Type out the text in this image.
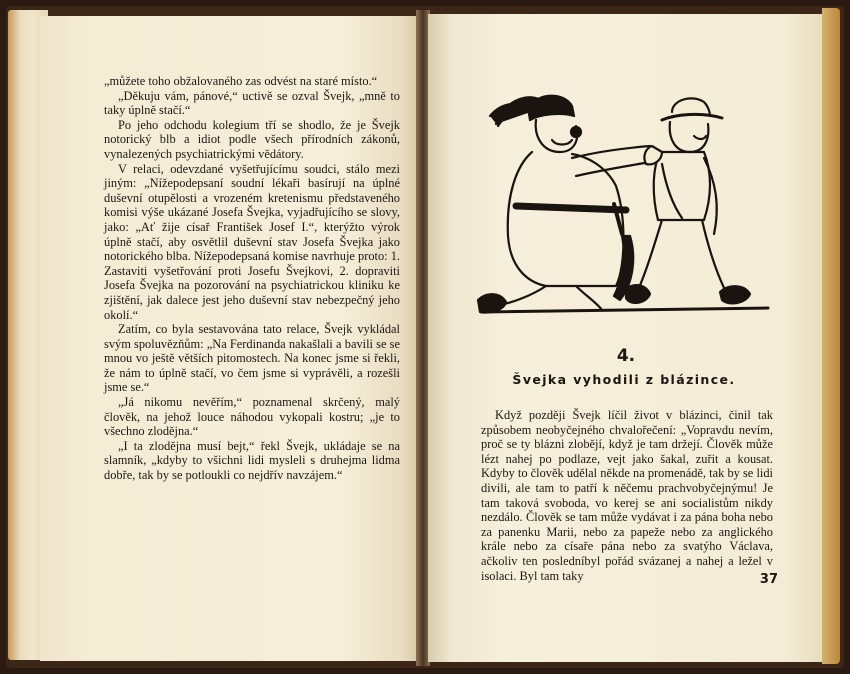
„můžete toho obžalovaného zas odvést na staré místo.“

„Děkuju vám, pánové,“ uctivě se ozval Švejk, „mně to taky úplně stačí.“

Po jeho odchodu kolegium tří se shodlo, že je Švejk notorický blb a idiot podle všech přírodních zákonů, vynalezených psychiatrickými vědátory.

V relaci, odevzdané vyšetřujícímu soudci, stálo mezi jiným: „Nížepodepsaní soudní lékaři basírují na úplné duševní otupělosti a vrozeném kretenismu představeného komisi výše ukázané Josefa Švejka, vyjadřujícího se slovy, jako: „Ať žije císař František Josef I.“, kterýžto výrok úplně stačí, aby osvětlil duševní stav Josefa Švejka jako notorického blba. Nížepodepsaná komise navrhuje proto: 1. Zastaviti vyšetřování proti Josefu Švejkovi, 2. dopraviti Josefa Švejka na pozorování na psychiatrickou kliniku ke zjištění, jak dalece jest jeho duševní stav nebezpečný jeho okolí.“

Zatím, co byla sestavována tato relace, Švejk vykládal svým spoluvězňům: „Na Ferdinanda nakašlali a bavili se se mnou vo ještě větších pitomostech. Na konec jsme si řekli, že nám to úplně stačí, vo čem jsme si vyprávěli, a rozešli jsme se.“

„Já nikomu nevěřím,“ poznamenal skrčený, malý člověk, na jehož louce náhodou vykopali kostru; „je to všechno zlodějna.“

„I ta zlodějna musí bejt,“ řekl Švejk, ukládaje se na slamník, „kdyby to všichni lidi mysleli s druhejma lidma dobře, tak by se potloukli co nejdřív navzájem.“

4.
Švejka vyhodili z blázince.

Když později Švejk líčil život v blázinci, činil tak způsobem neobyčejného chvalořečení: „Vopravdu nevím, proč se ty blázni zlobějí, když je tam držejí. Člověk může lézt nahej po podlaze, vejt jako šakal, zuřit a kousat. Kdyby to člověk udělal někde na promenádě, tak by se lidi divili, ale tam to patří k něčemu prachvobyčejnýmu! Je tam taková svoboda, vo kerej se ani socialistům nikdy nezdálo. Člověk se tam může vydávat i za pána boha nebo za panenku Marii, nebo za papeže nebo za anglického krále nebo za císaře pána nebo za svatýho Václava, ačkoliv ten posledníbyl pořád svázanej a nahej a ležel v isolaci. Byl tam taky	37
